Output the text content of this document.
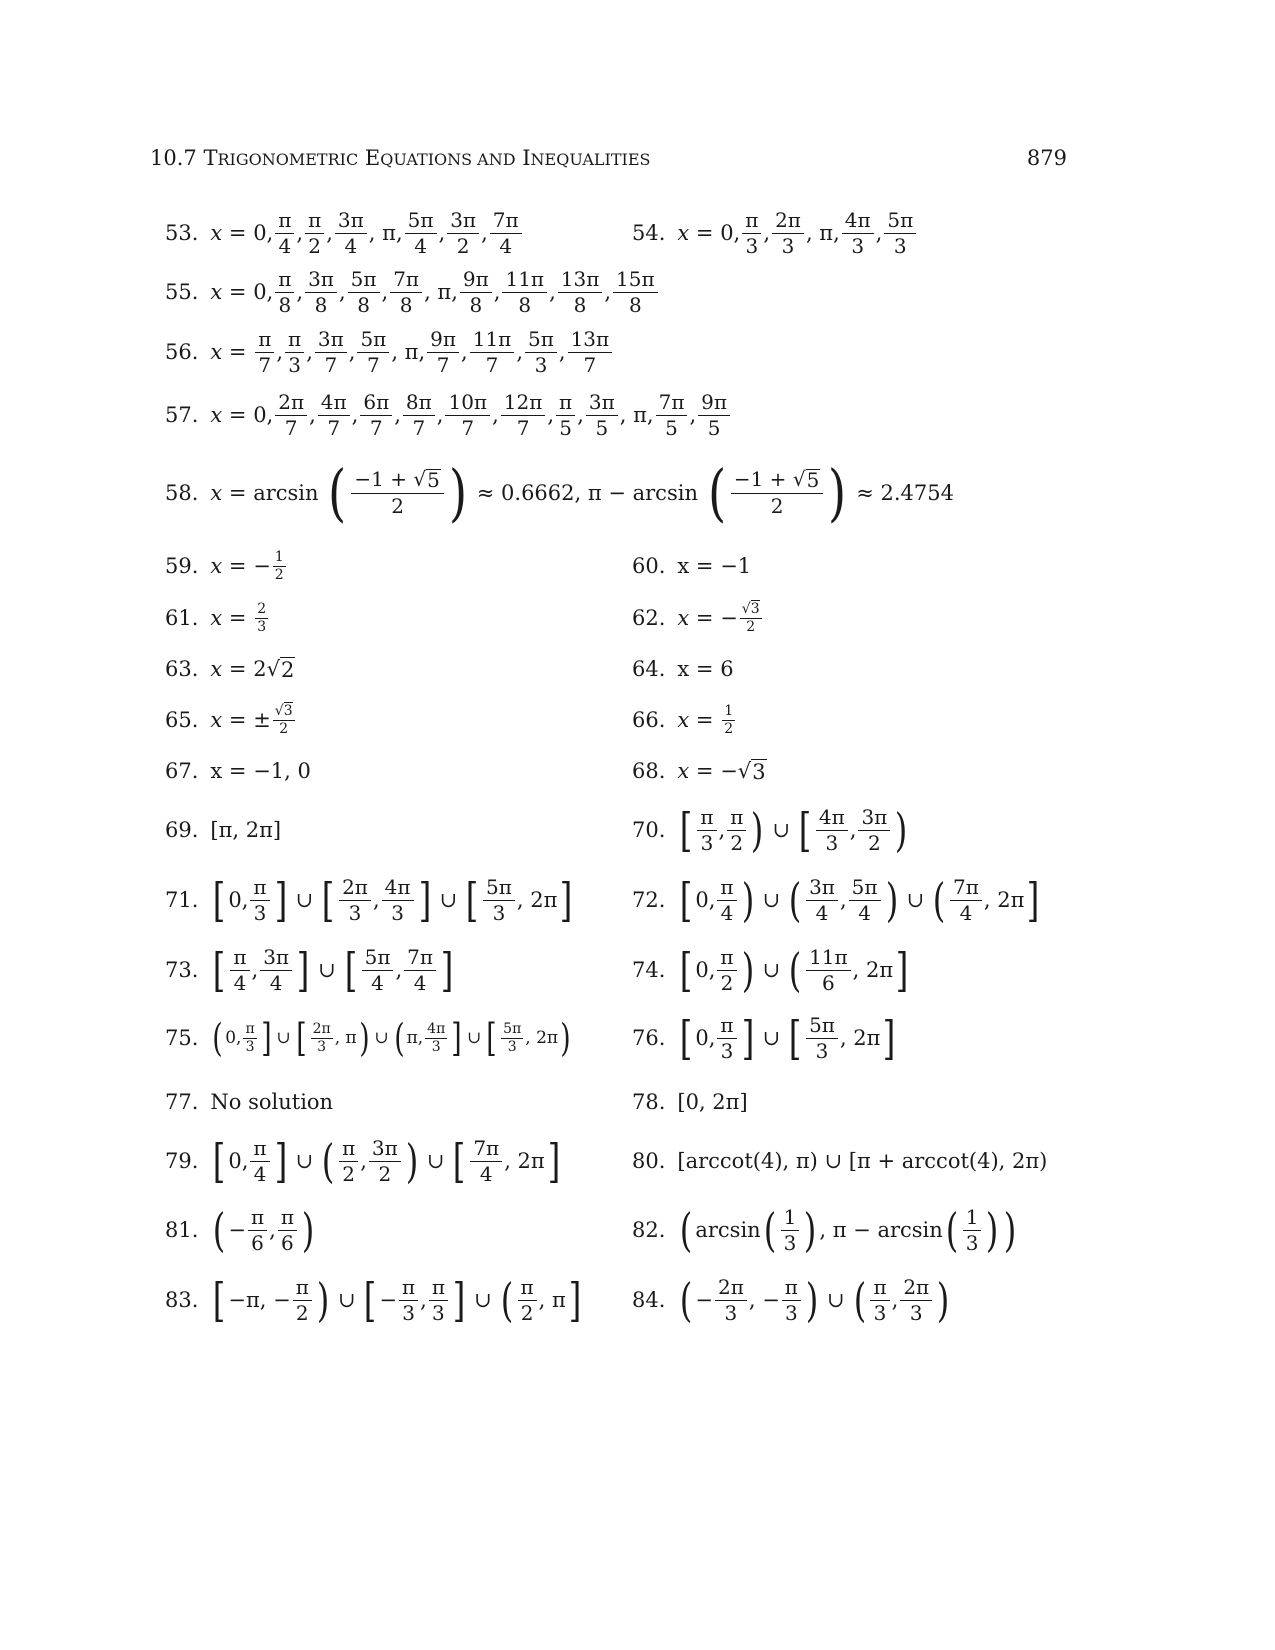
10.7 TRIGONOMETRIC EQUATIONS AND INEQUALITIES	879
53. x = 0, $\frac{\pi}{4}$ , $\frac{\pi}{2}$ , $\frac{3\pi}{4}$ , π, $\frac{5\pi}{4}$ , $\frac{3\pi}{2}$ , $\frac{7\pi}{4}$	54. x = 0, $\frac{\pi}{3}$ , $\frac{2\pi}{3}$ , π, $\frac{4\pi}{3}$ , $\frac{5\pi}{3}$
55. x = 0, $\frac{\pi}{8}$ , $\frac{3\pi}{8}$ , $\frac{5\pi}{8}$ , $\frac{7\pi}{8}$ , π, $\frac{9\pi}{8}$ , $\frac{11\pi}{8}$ , $\frac{13\pi}{8}$ , $\frac{15\pi}{8}$
56. $x = \frac{\pi}{7}$ , $\frac{\pi}{3}$ , $\frac{3\pi}{7}$ , $\frac{5\pi}{7}$ , π, $\frac{9\pi}{7}$ , $\frac{11\pi}{7}$ , $\frac{5\pi}{3}$ , $\frac{13\pi}{7}$
57. x = 0, $\frac{2\pi}{7}$ , $\frac{4\pi}{7}$ , $\frac{6\pi}{7}$ , $\frac{8\pi}{7}$ , $\frac{10\pi}{7}$ , $\frac{12\pi}{7}$ , $\frac{\pi}{5}$ , $\frac{3\pi}{5}$ , π, $\frac{7\pi}{5}$ , $\frac{9\pi}{5}$
58. x = arcsin ( $\frac{-1 + √ 5}{2}$ )
≈ 0.6662, π − arcsin ( $\frac{-1 + √ 5}{2}$ )
≈ 2.4754
59. x = − $\frac{1}{2}$	60. x = −1
61. $x = \frac{2}{3}$	62. x = − $\frac{√3}{2}$
63. x = 2 √ 2	64. x = 6
65. x = ± $\frac{√3}{2}$	66. $x = \frac{1}{2}$
67. x = −1, 0	68. x = − √ 3
69. [π, 2π]	70. [ $\frac{\pi}{3}$ , $\frac{\pi}{2}$ ) ∪ [ $\frac{4\pi}{3}$ , $\frac{3\pi}{2}$ )
71. [ 0, $\frac{\pi}{3}$ ] ∪ [ $\frac{2\pi}{3}$ , $\frac{4\pi}{3}$ ] ∪ [ $\frac{5\pi}{3}$ , 2π ]	72. [ 0, $\frac{\pi}{4}$ ) ∪ ( $\frac{3\pi}{4}$ , $\frac{5\pi}{4}$ ) ∪ ( $\frac{7\pi}{4}$ , 2π ]
73. [ $\frac{\pi}{4}$ , $\frac{3\pi}{4}$ ] ∪ [ $\frac{5\pi}{4}$ , $\frac{7\pi}{4}$ ]	74. [ 0, $\frac{\pi}{2}$ ) ∪ ( $\frac{11\pi}{6}$ , 2π ]
75. ( 0, $\frac{\pi}{3}$ ] ∪ [ $\frac{2\pi}{3}$ , π ) ∪ ( π, $\frac{4\pi}{3}$ ] ∪ [ $\frac{5\pi}{3}$ , 2π )	76. [ 0, $\frac{\pi}{3}$ ] ∪ [ $\frac{5\pi}{3}$ , 2π ]
77. No solution	78. [0, 2π]
79. [ 0, $\frac{\pi}{4}$ ] ∪ ( $\frac{\pi}{2}$ , $\frac{3\pi}{2}$ ) ∪ [ $\frac{7\pi}{4}$ , 2π ]	80. [arccot(4), π) ∪ [π + arccot(4), 2π)
81. ( − $\frac{\pi}{6}$ , $\frac{\pi}{6}$ )	82. ( arcsin ( $\frac{1}{3}$ ) , π − arcsin ( $\frac{1}{3}$ ) )
83. [ −π, − $\frac{\pi}{2}$ ) ∪ [ − $\frac{\pi}{3}$ , $\frac{\pi}{3}$ ] ∪ ( $\frac{\pi}{2}$ , π ] 84. ( − $\frac{2\pi}{3}$ , − $\frac{\pi}{3}$ ) ∪ ( $\frac{\pi}{3}$ , $\frac{2\pi}{3}$ )
